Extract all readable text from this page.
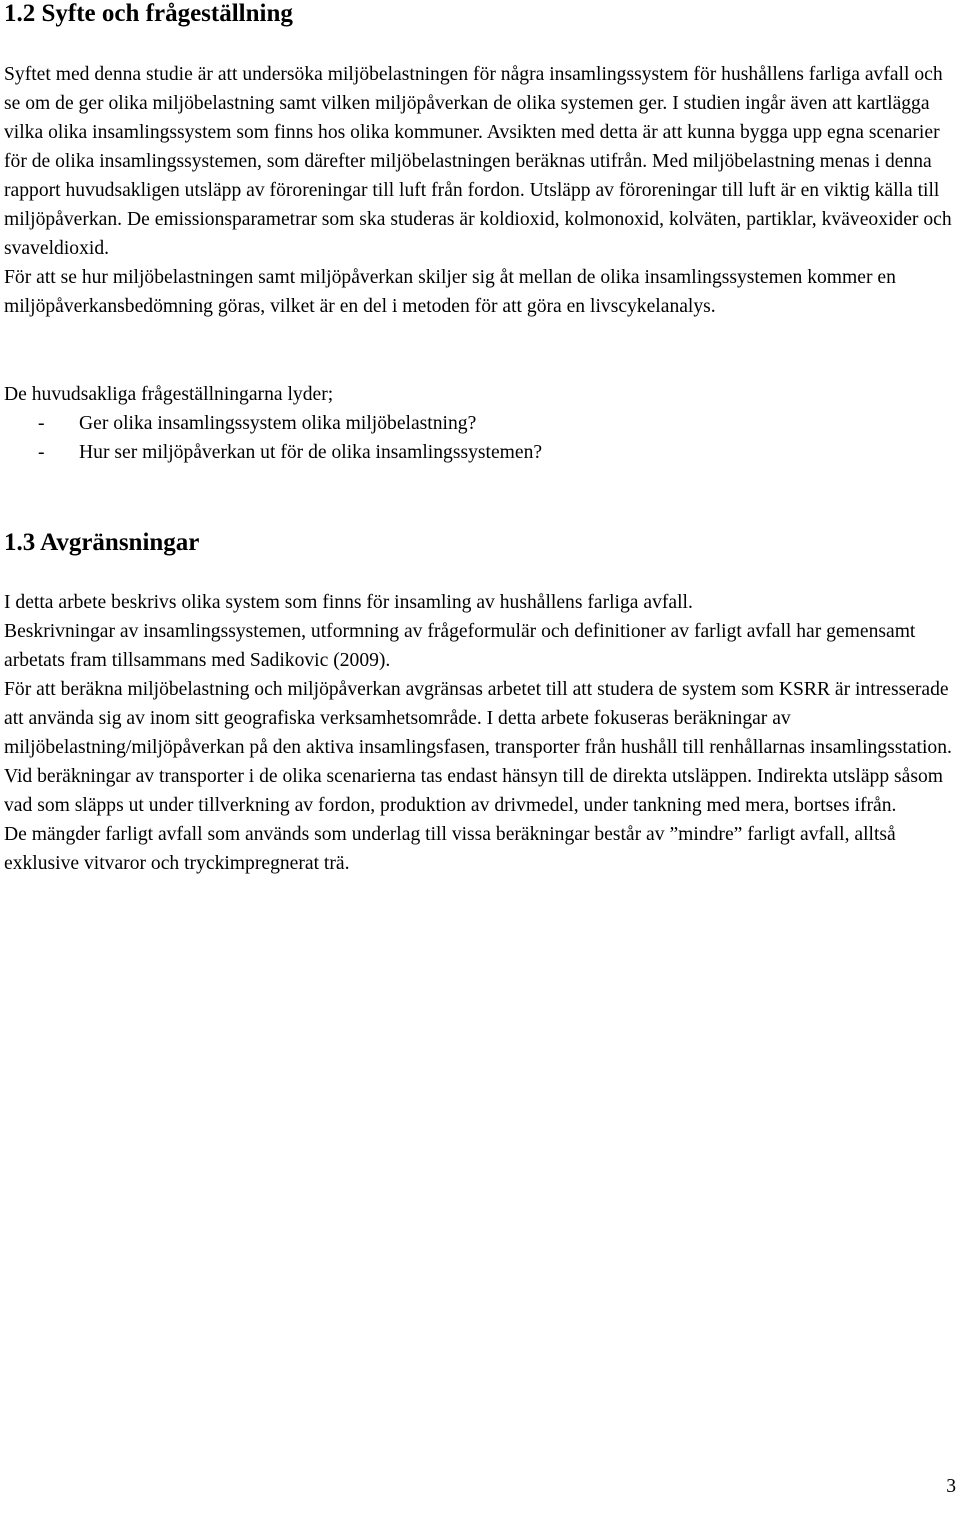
1.2 Syfte och frågeställning
Syftet med denna studie är att undersöka miljöbelastningen för några insamlingssystem för hushållens farliga avfall och se om de ger olika miljöbelastning samt vilken miljöpåverkan de olika systemen ger. I studien ingår även att kartlägga vilka olika insamlingssystem som finns hos olika kommuner. Avsikten med detta är att kunna bygga upp egna scenarier för de olika insamlingssystemen, som därefter miljöbelastningen beräknas utifrån. Med miljöbelastning menas i denna rapport huvudsakligen utsläpp av föroreningar till luft från fordon. Utsläpp av föroreningar till luft är en viktig källa till miljöpåverkan. De emissionsparametrar som ska studeras är koldioxid, kolmonoxid, kolväten, partiklar, kväveoxider och svaveldioxid.
För att se hur miljöbelastningen samt miljöpåverkan skiljer sig åt mellan de olika insamlingssystemen kommer en miljöpåverkansbedömning göras, vilket är en del i metoden för att göra en livscykelanalys.
De huvudsakliga frågeställningarna lyder;
- Ger olika insamlingssystem olika miljöbelastning?
- Hur ser miljöpåverkan ut för de olika insamlingssystemen?
1.3 Avgränsningar
I detta arbete beskrivs olika system som finns för insamling av hushållens farliga avfall.
Beskrivningar av insamlingssystemen, utformning av frågeformulär och definitioner av farligt avfall har gemensamt arbetats fram tillsammans med Sadikovic (2009).
För att beräkna miljöbelastning och miljöpåverkan avgränsas arbetet till att studera de system som KSRR är intresserade att använda sig av inom sitt geografiska verksamhetsområde. I detta arbete fokuseras beräkningar av miljöbelastning/miljöpåverkan på den aktiva insamlingsfasen, transporter från hushåll till renhållarnas insamlingsstation.
Vid beräkningar av transporter i de olika scenarierna tas endast hänsyn till de direkta utsläppen. Indirekta utsläpp såsom vad som släpps ut under tillverkning av fordon, produktion av drivmedel, under tankning med mera, bortses ifrån.
De mängder farligt avfall som används som underlag till vissa beräkningar består av ”mindre” farligt avfall, alltså exklusive vitvaror och tryckimpregnerat trä.
3
